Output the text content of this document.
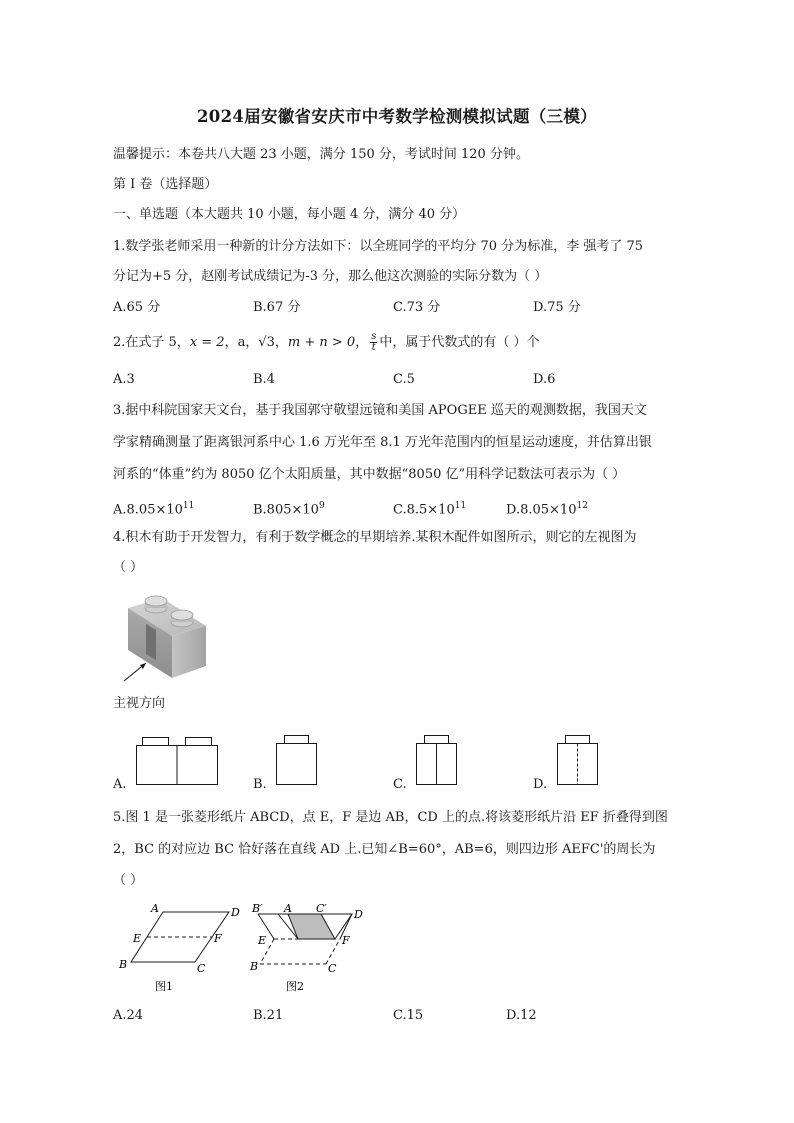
2024届安徽省安庆市中考数学检测模拟试题（三模）
温馨提示：本卷共八大题 23 小题，满分 150 分，考试时间 120 分钟。
第 I 卷（选择题）
一、单选题（本大题共 10 小题，每小题 4 分，满分 40 分）
1.数学张老师采用一种新的计分方法如下：以全班同学的平均分 70 分为标准，李 强考了 75
分记为+5 分，赵刚考试成绩记为-3 分，那么他这次测验的实际分数为（ ）
A.65 分	B.67 分	C.73 分	D.75 分
2.在式子 5，x = 2，a，√3，m + n > 0， $\frac{s}{t}$ 中，属于代数式的有（ ）个
A.3	B.4	C.5	D.6
3.据中科院国家天文台，基于我国郭守敬望远镜和美国 APOGEE 巡天的观测数据，我国天文
学家精确测量了距离银河系中心 1.6 万光年至 8.1 万光年范围内的恒星运动速度，并估算出银
河系的“体重”约为 8050 亿个太阳质量，其中数据“8050 亿”用科学记数法可表示为（ ）
$A.8.05\times 10^{11}$	$B.805\times 10^9$	$C.8.5\times 10^{11}$	$D.8.05\times 10^{12}$
4.积木有助于开发智力，有利于数学概念的早期培养.某积木配件如图所示，则它的左视图为
（ ）
主视方向
A.	B.	C.	D.
5.图 1 是一张菱形纸片 ABCD，点 E，F 是边 AB，CD 上的点.将该菱形纸片沿 EF 折叠得到图
2，BC 的对应边 BC 恰好落在直线 AD 上.已知∠B=60°，AB=6，则四边形 AEFC'的周长为
（ ）
A	D
E	F
B	C
图1
B′ A C′ D
E	F
B	C
图2
A.24	B.21	C.15	D.12
